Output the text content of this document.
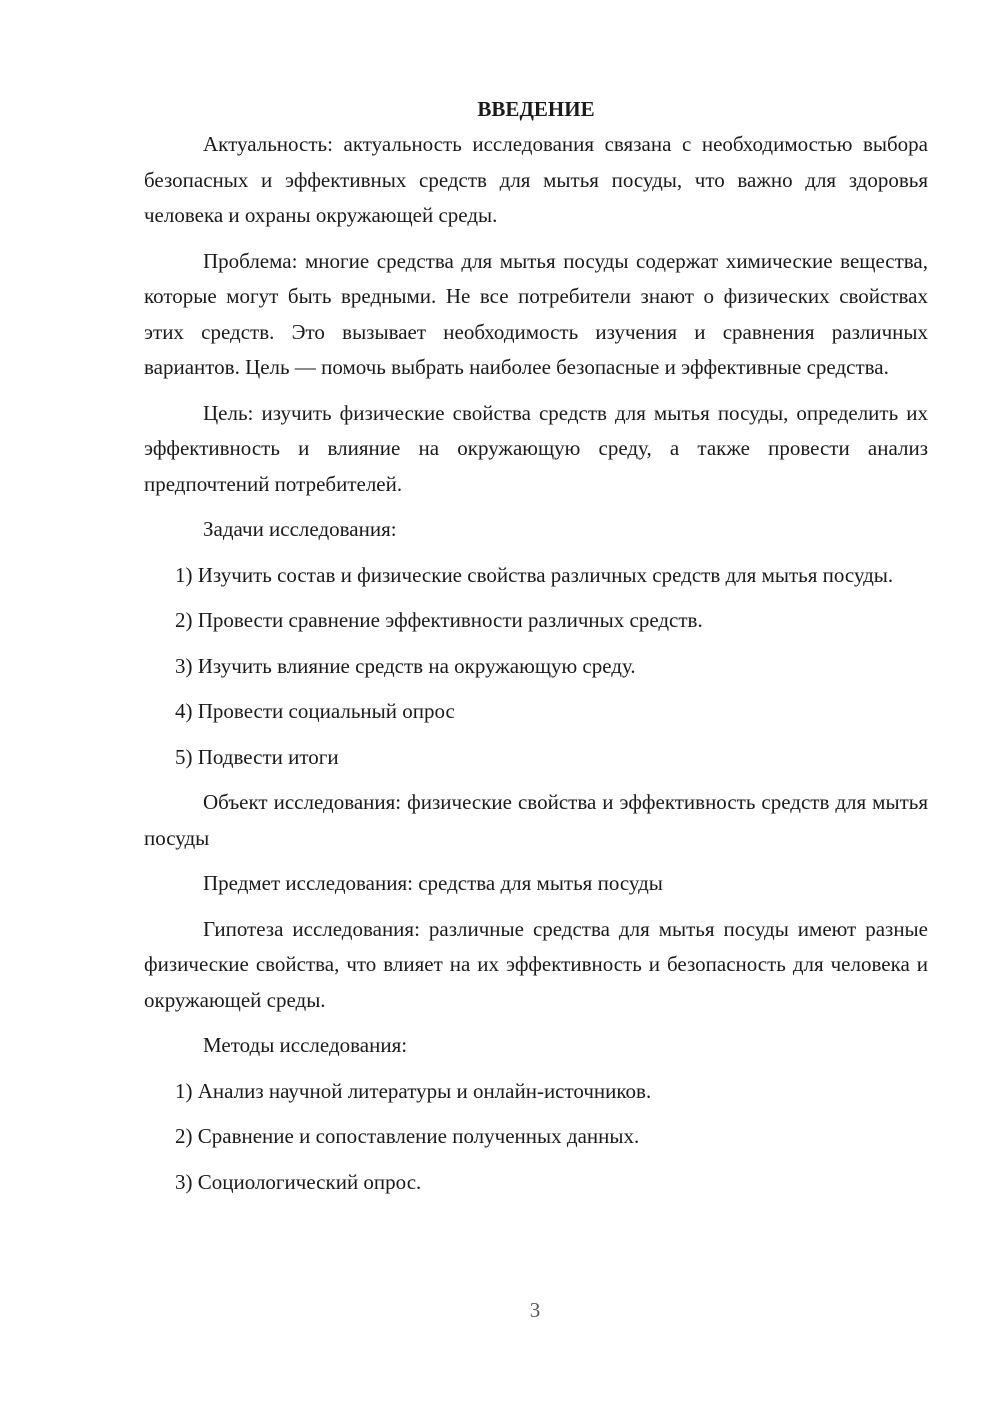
ВВЕДЕНИЕ

Актуальность: актуальность исследования связана с необходимостью выбора безопасных и эффективных средств для мытья посуды, что важно для здоровья человека и охраны окружающей среды.

Проблема: многие средства для мытья посуды содержат химические вещества, которые могут быть вредными. Не все потребители знают о физических свойствах этих средств. Это вызывает необходимость изучения и сравнения различных вариантов. Цель — помочь выбрать наиболее безопасные и эффективные средства.

Цель: изучить физические свойства средств для мытья посуды, определить их эффективность и влияние на окружающую среду, а также провести анализ предпочтений потребителей.

Задачи исследования:

1) Изучить состав и физические свойства различных средств для мытья посуды.

2) Провести сравнение эффективности различных средств.

3) Изучить влияние средств на окружающую среду.

4) Провести социальный опрос

5) Подвести итоги

Объект исследования: физические свойства и эффективность средств для мытья посуды

Предмет исследования: средства для мытья посуды

Гипотеза исследования: различные средства для мытья посуды имеют разные физические свойства, что влияет на их эффективность и безопасность для человека и окружающей среды.

Методы исследования:

1) Анализ научной литературы и онлайн-источников.

2) Сравнение и сопоставление полученных данных.

3) Социологический опрос.

3
